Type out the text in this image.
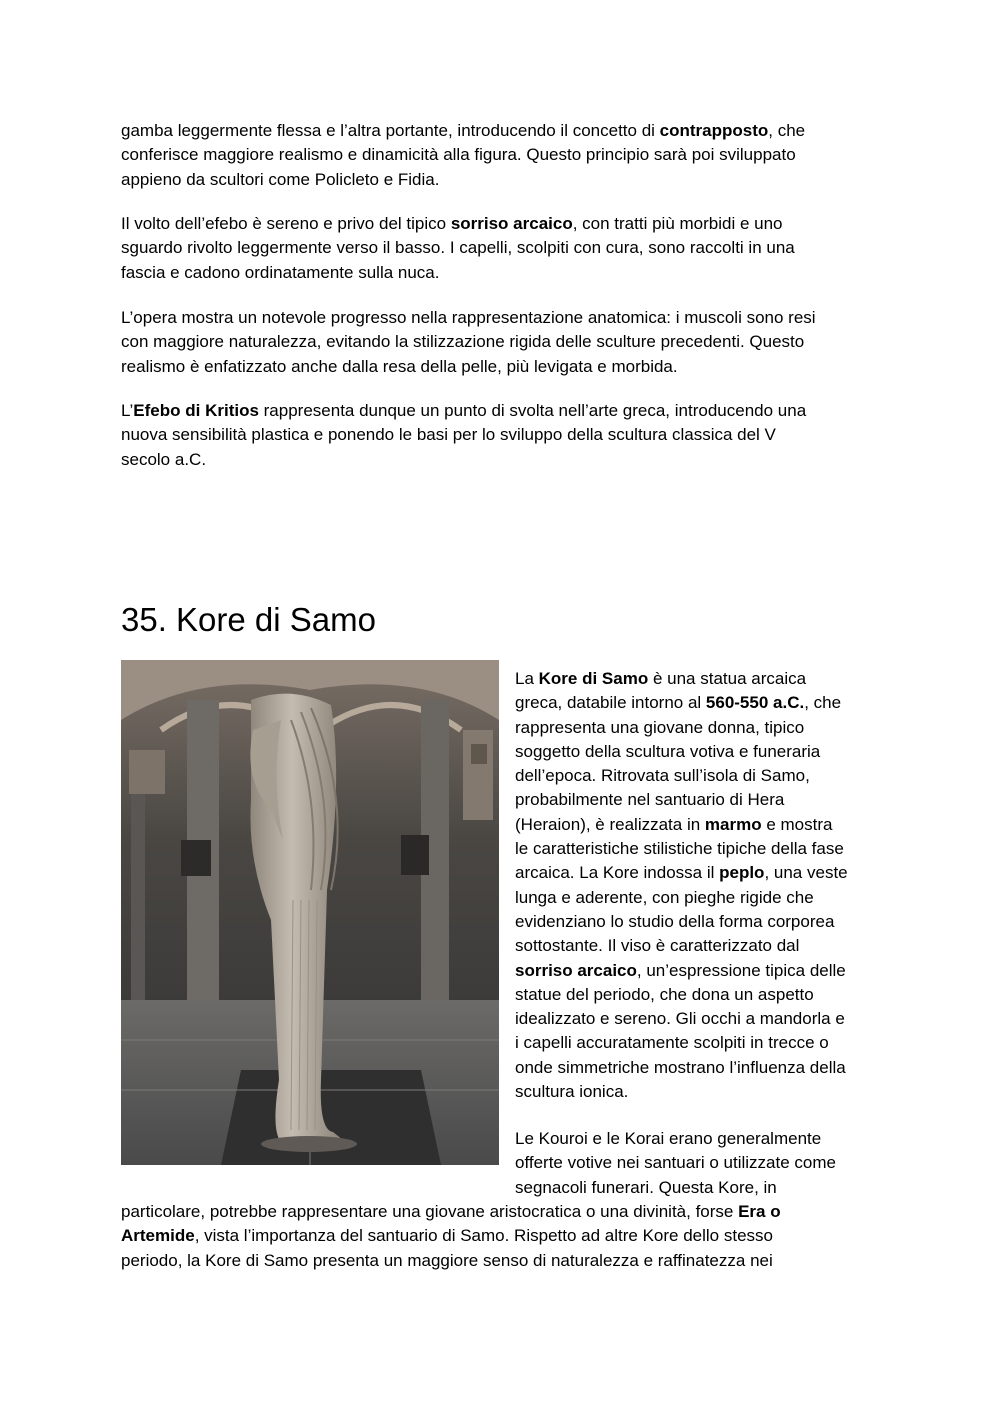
gamba leggermente flessa e l’altra portante, introducendo il concetto di contrapposto, che
conferisce maggiore realismo e dinamicità alla figura. Questo principio sarà poi sviluppato
appieno da scultori come Policleto e Fidia.

Il volto dell’efebo è sereno e privo del tipico sorriso arcaico, con tratti più morbidi e uno
sguardo rivolto leggermente verso il basso. I capelli, scolpiti con cura, sono raccolti in una
fascia e cadono ordinatamente sulla nuca.

L’opera mostra un notevole progresso nella rappresentazione anatomica: i muscoli sono resi
con maggiore naturalezza, evitando la stilizzazione rigida delle sculture precedenti. Questo
realismo è enfatizzato anche dalla resa della pelle, più levigata e morbida.

L’Efebo di Kritios rappresenta dunque un punto di svolta nell’arte greca, introducendo una
nuova sensibilità plastica e ponendo le basi per lo sviluppo della scultura classica del V
secolo a.C.

35. Kore di Samo

La Kore di Samo è una statua arcaica
greca, databile intorno al 560-550 a.C., che
rappresenta una giovane donna, tipico
soggetto della scultura votiva e funeraria
dell’epoca. Ritrovata sull’isola di Samo,
probabilmente nel santuario di Hera
(Heraion), è realizzata in marmo e mostra
le caratteristiche stilistiche tipiche della fase
arcaica. La Kore indossa il peplo, una veste
lunga e aderente, con pieghe rigide che
evidenziano lo studio della forma corporea
sottostante. Il viso è caratterizzato dal
sorriso arcaico, un’espressione tipica delle
statue del periodo, che dona un aspetto
idealizzato e sereno. Gli occhi a mandorla e
i capelli accuratamente scolpiti in trecce o
onde simmetriche mostrano l’influenza della
scultura ionica.

Le Kouroi e le Korai erano generalmente
offerte votive nei santuari o utilizzate come
segnacoli funerari. Questa Kore, in

particolare, potrebbe rappresentare una giovane aristocratica o una divinità, forse Era o
Artemide, vista l’importanza del santuario di Samo. Rispetto ad altre Kore dello stesso
periodo, la Kore di Samo presenta un maggiore senso di naturalezza e raffinatezza nei
